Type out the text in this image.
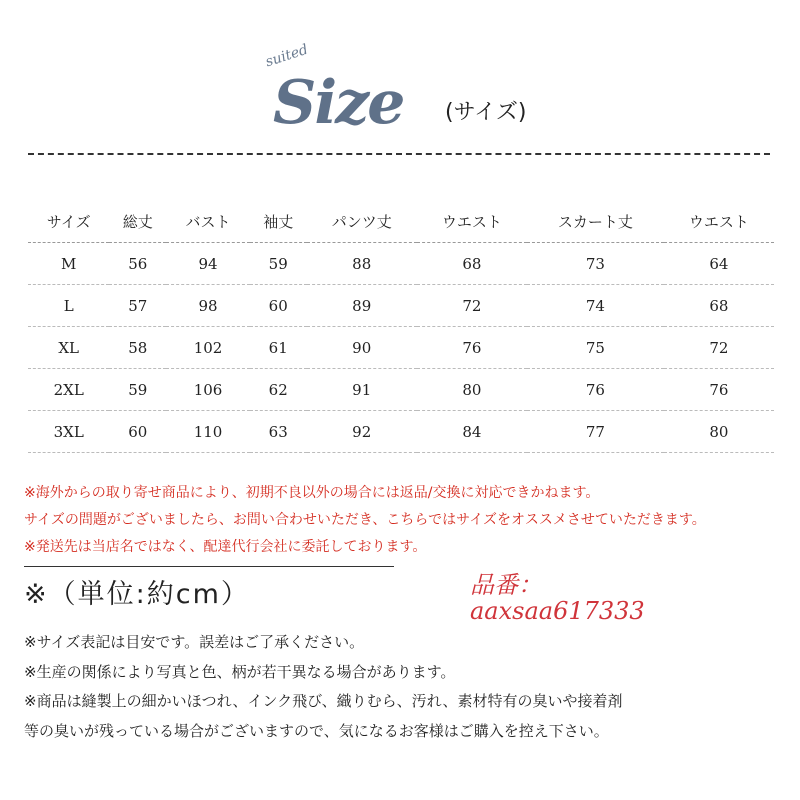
suited
Size (サイズ)
サイズ	総丈	バスト	袖丈	パンツ丈	ウエスト	スカート丈	ウエスト
M	56	94	59	88	68	73	64
L	57	98	60	89	72	74	68
XL	58	102	61	90	76	75	72
2XL	59	106	62	91	80	76	76
3XL	60	110	63	92	84	77	80
※海外からの取り寄せ商品により、初期不良以外の場合には返品/交換に対応できかねます。
サイズの問題がございましたら、お問い合わせいただき、こちらではサイズをオススメさせていただきます。
※発送先は当店名ではなく、配達代行会社に委託しております。
※（単位:約cm）	品番：
aaxsaa617333
※サイズ表記は目安です。誤差はご了承ください。
※生産の関係により写真と色、柄が若干異なる場合があります。
※商品は縫製上の細かいほつれ、インク飛び、織りむら、汚れ、素材特有の臭いや接着剤
等の臭いが残っている場合がございますので、気になるお客様はご購入を控え下さい。
